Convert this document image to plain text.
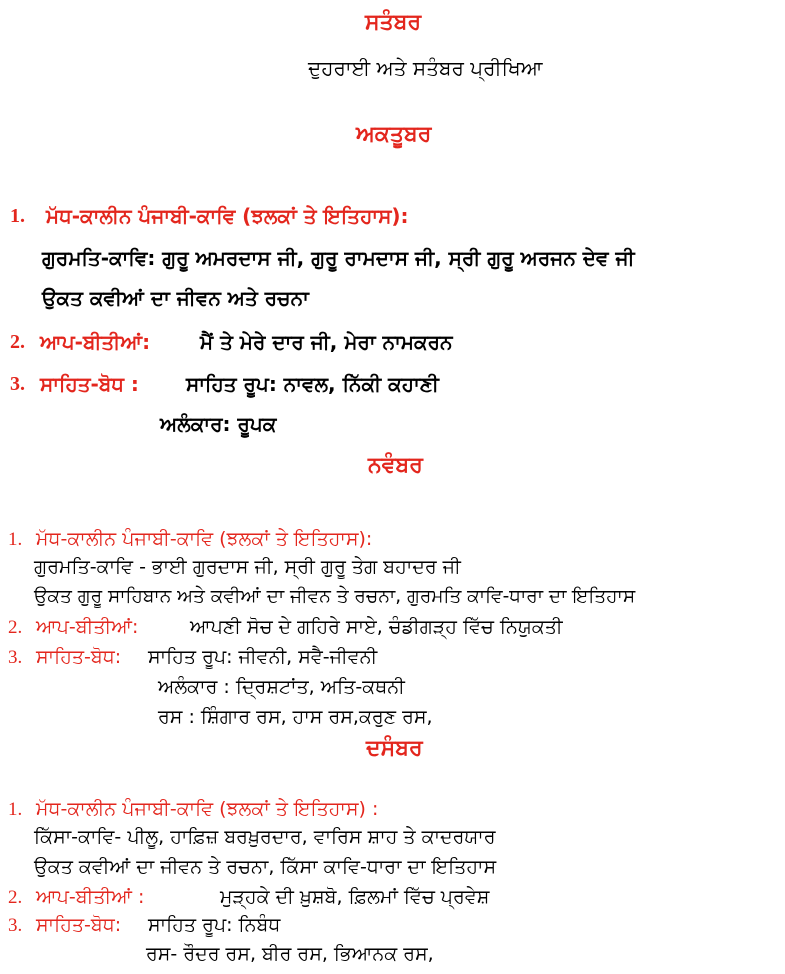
ਸਤੰਬਰ
ਦੁਹਰਾਈ ਅਤੇ ਸਤੰਬਰ ਪ੍ਰੀਖਿਆ
ਅਕਤੂਬਰ
1. ਮੱਧ-ਕਾਲੀਨ ਪੰਜਾਬੀ-ਕਾਵਿ (ਝਲਕਾਂ ਤੇ ਇਤਿਹਾਸ):
ਗੁਰਮਤਿ-ਕਾਵਿ: ਗੁਰੂ ਅਮਰਦਾਸ ਜੀ, ਗੁਰੂ ਰਾਮਦਾਸ ਜੀ, ਸ੍ਰੀ ਗੁਰੂ ਅਰਜਨ ਦੇਵ ਜੀ
ਉਕਤ ਕਵੀਆਂ ਦਾ ਜੀਵਨ ਅਤੇ ਰਚਨਾ
2. ਆਪ-ਬੀਤੀਆਂ: ਮੈਂ ਤੇ ਮੇਰੇ ਦਾਰ ਜੀ, ਮੇਰਾ ਨਾਮਕਰਨ
3. ਸਾਹਿਤ-ਬੋਧ : ਸਾਹਿਤ ਰੂਪ: ਨਾਵਲ, ਨਿੱਕੀ ਕਹਾਣੀ
ਅਲੰਕਾਰ: ਰੂਪਕ
ਨਵੰਬਰ
1. ਮੱਧ-ਕਾਲੀਨ ਪੰਜਾਬੀ-ਕਾਵਿ (ਝਲਕਾਂ ਤੇ ਇਤਿਹਾਸ):
ਗੁਰਮਤਿ-ਕਾਵਿ - ਭਾਈ ਗੁਰਦਾਸ ਜੀ, ਸ੍ਰੀ ਗੁਰੂ ਤੇਗ ਬਹਾਦਰ ਜੀ
ਉਕਤ ਗੁਰੂ ਸਾਹਿਬਾਨ ਅਤੇ ਕਵੀਆਂ ਦਾ ਜੀਵਨ ਤੇ ਰਚਨਾ, ਗੁਰਮਤਿ ਕਾਵਿ-ਧਾਰਾ ਦਾ ਇਤਿਹਾਸ
2. ਆਪ-ਬੀਤੀਆਂ:	ਆਪਣੀ ਸੋਚ ਦੇ ਗਹਿਰੇ ਸਾਏ, ਚੰਡੀਗੜ੍ਹ ਵਿੱਚ ਨਿਯੁਕਤੀ
3. ਸਾਹਿਤ-ਬੋਧ: ਸਾਹਿਤ ਰੂਪ: ਜੀਵਨੀ, ਸਵੈ-ਜੀਵਨੀ
ਅਲੰਕਾਰ : ਦ੍ਰਿਸ਼ਟਾਂਤ, ਅਤਿ-ਕਥਨੀ
ਰਸ : ਸ਼ਿੰਗਾਰ ਰਸ, ਹਾਸ ਰਸ,ਕਰੁਣ ਰਸ,
ਦਸੰਬਰ
1. ਮੱਧ-ਕਾਲੀਨ ਪੰਜਾਬੀ-ਕਾਵਿ (ਝਲਕਾਂ ਤੇ ਇਤਿਹਾਸ) :
ਕਿੱਸਾ-ਕਾਵਿ- ਪੀਲੂ, ਹਾਫ਼ਿਜ਼ ਬਰਖ਼ੁਰਦਾਰ, ਵਾਰਿਸ ਸ਼ਾਹ ਤੇ ਕਾਦਰਯਾਰ
ਉਕਤ ਕਵੀਆਂ ਦਾ ਜੀਵਨ ਤੇ ਰਚਨਾ, ਕਿੱਸਾ ਕਾਵਿ-ਧਾਰਾ ਦਾ ਇਤਿਹਾਸ
2. ਆਪ-ਬੀਤੀਆਂ :	ਮੁੜ੍ਹਕੇ ਦੀ ਖ਼ੁਸ਼ਬੋ, ਫ਼ਿਲਮਾਂ ਵਿੱਚ ਪ੍ਰਵੇਸ਼
3. ਸਾਹਿਤ-ਬੋਧ: ਸਾਹਿਤ ਰੂਪ: ਨਿਬੰਧ
ਰਸ- ਰੌਦਰ ਰਸ, ਬੀਰ ਰਸ, ਭਿਆਨਕ ਰਸ,
